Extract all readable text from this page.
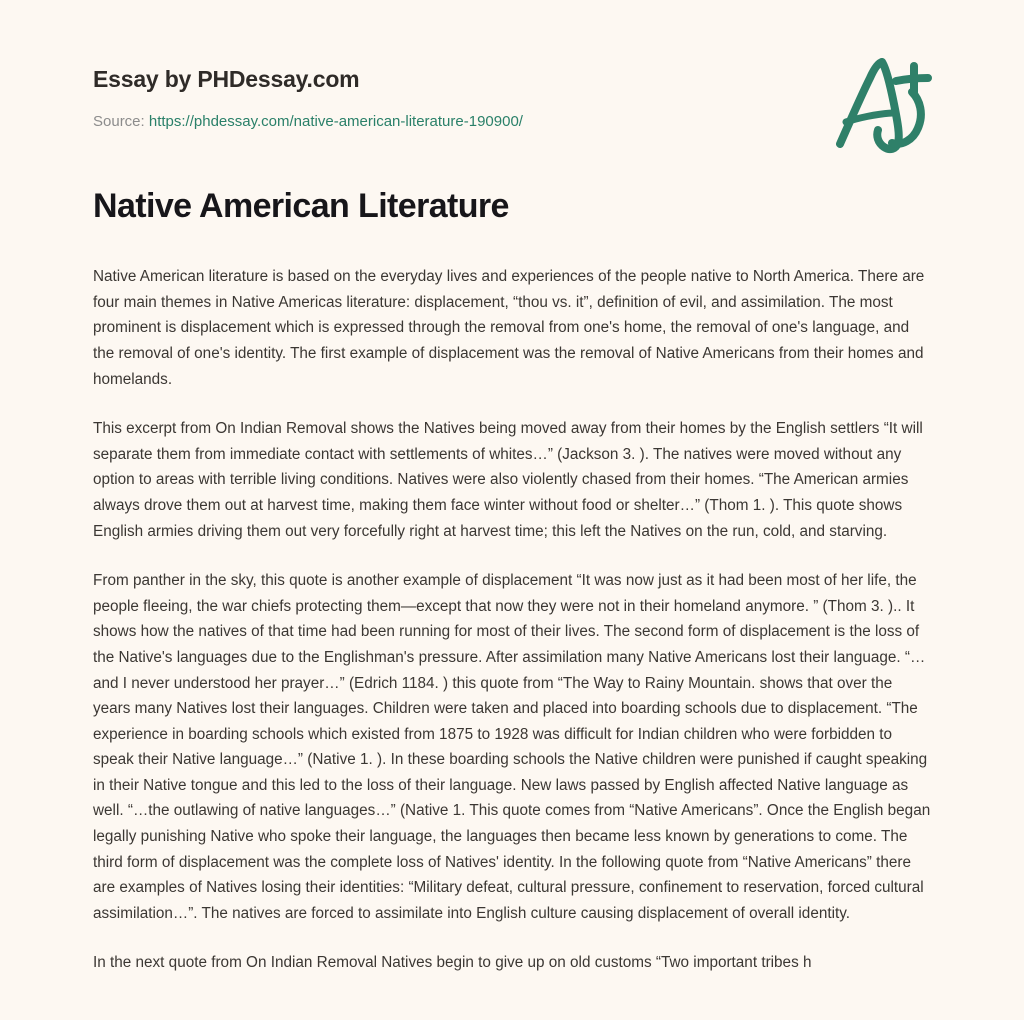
Essay by PHDessay.com

Source: https://phdessay.com/native-american-literature-190900/

Native American Literature

Native American literature is based on the everyday lives and experiences of the people native to North America. There are four main themes in Native Americas literature: displacement, “thou vs. it”, definition of evil, and assimilation. The most prominent is displacement which is expressed through the removal from one's home, the removal of one's language, and the removal of one's identity. The first example of displacement was the removal of Native Americans from their homes and homelands.

This excerpt from On Indian Removal shows the Natives being moved away from their homes by the English settlers “It will separate them from immediate contact with settlements of whites…” (Jackson 3. ). The natives were moved without any option to areas with terrible living conditions. Natives were also violently chased from their homes. “The American armies always drove them out at harvest time, making them face winter without food or shelter…” (Thom 1. ). This quote shows English armies driving them out very forcefully right at harvest time; this left the Natives on the run, cold, and starving.

From panther in the sky, this quote is another example of displacement “It was now just as it had been most of her life, the people fleeing, the war chiefs protecting them—except that now they were not in their homeland anymore. ” (Thom 3. ).. It shows how the natives of that time had been running for most of their lives. The second form of displacement is the loss of the Native's languages due to the Englishman's pressure. After assimilation many Native Americans lost their language. “…and I never understood her prayer…” (Edrich 1184. ) this quote from “The Way to Rainy Mountain. shows that over the years many Natives lost their languages. Children were taken and placed into boarding schools due to displacement. “The experience in boarding schools which existed from 1875 to 1928 was difficult for Indian children who were forbidden to speak their Native language…” (Native 1. ). In these boarding schools the Native children were punished if caught speaking in their Native tongue and this led to the loss of their language. New laws passed by English affected Native language as well. “…the outlawing of native languages…” (Native 1. This quote comes from “Native Americans”. Once the English began legally punishing Native who spoke their language, the languages then became less known by generations to come. The third form of displacement was the complete loss of Natives' identity. In the following quote from “Native Americans” there are examples of Natives losing their identities: “Military defeat, cultural pressure, confinement to reservation, forced cultural assimilation…”. The natives are forced to assimilate into English culture causing displacement of overall identity.

In the next quote from On Indian Removal Natives begin to give up on old customs “Two important tribes h
